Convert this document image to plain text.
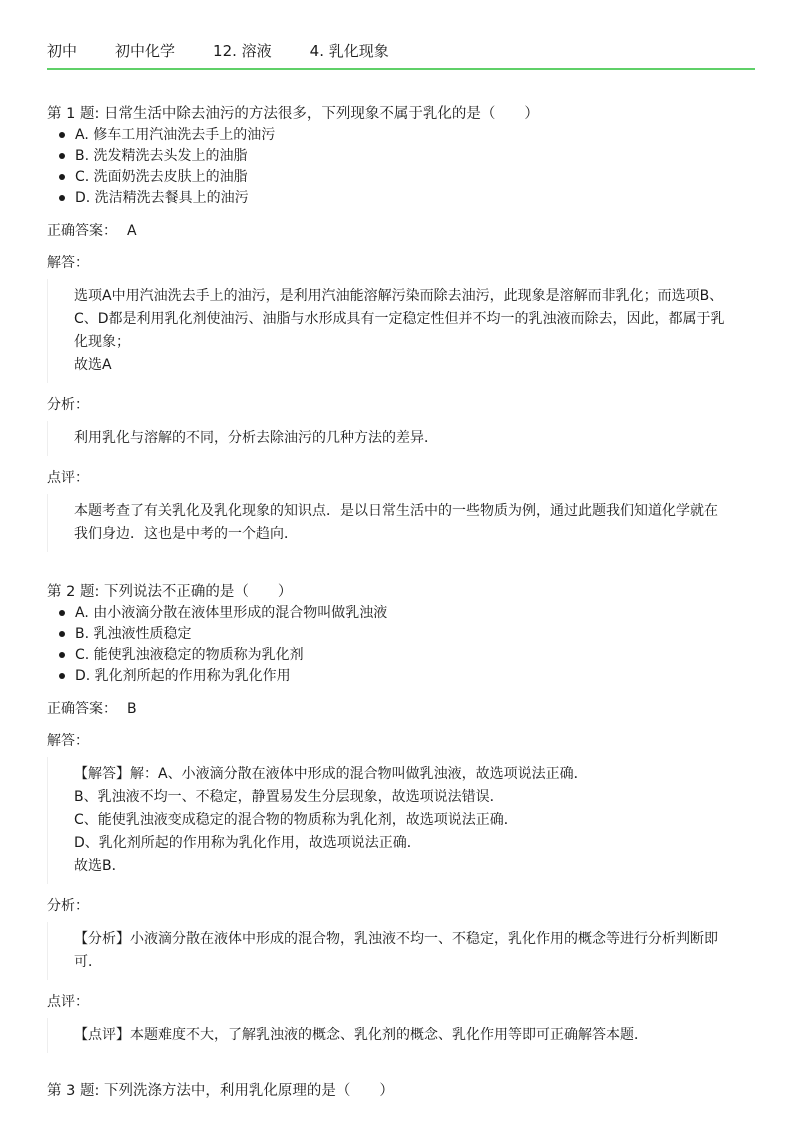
初中	初中化学	12. 溶液	4. 乳化现象
第 1 题: 日常生活中除去油污的方法很多，下列现象不属于乳化的是（　　）
A. 修车工用汽油洗去手上的油污
B. 洗发精洗去头发上的油脂
C. 洗面奶洗去皮肤上的油脂
D. 洗洁精洗去餐具上的油污
正确答案： A
解答：

选项A中用汽油洗去手上的油污，是利用汽油能溶解污染而除去油污，此现象是溶解而非乳化；而选项B、C、D都是利用乳化剂使油污、油脂与水形成具有一定稳定性但并不均一的乳浊液而除去，因此，都属于乳化现象；

故选A

分析：

利用乳化与溶解的不同，分析去除油污的几种方法的差异．

点评：

本题考查了有关乳化及乳化现象的知识点．是以日常生活中的一些物质为例，通过此题我们知道化学就在我们身边．这也是中考的一个趋向．

第 2 题: 下列说法不正确的是（　　）
A. 由小液滴分散在液体里形成的混合物叫做乳浊液
B. 乳浊液性质稳定
C. 能使乳浊液稳定的物质称为乳化剂
D. 乳化剂所起的作用称为乳化作用
正确答案： B
解答：

【解答】解：A、小液滴分散在液体中形成的混合物叫做乳浊液，故选项说法正确．

B、乳浊液不均一、不稳定，静置易发生分层现象，故选项说法错误．

C、能使乳浊液变成稳定的混合物的物质称为乳化剂，故选项说法正确．

D、乳化剂所起的作用称为乳化作用，故选项说法正确．

故选B．

分析：

【分析】小液滴分散在液体中形成的混合物，乳浊液不均一、不稳定，乳化作用的概念等进行分析判断即可．

点评：

【点评】本题难度不大，了解乳浊液的概念、乳化剂的概念、乳化作用等即可正确解答本题．

第 3 题: 下列洗涤方法中，利用乳化原理的是（　　）
